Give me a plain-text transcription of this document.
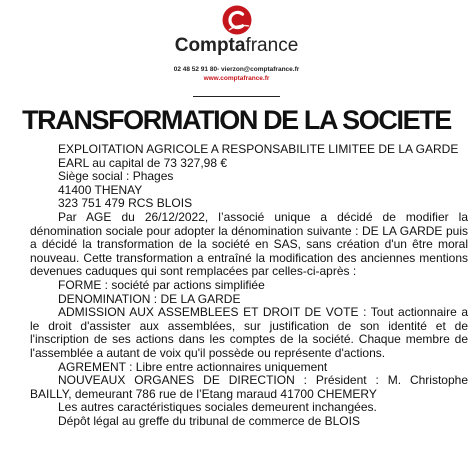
Comptafrance
02 48 52 91 80- vierzon@comptafrance.fr
www.comptafrance.fr
TRANSFORMATION DE LA SOCIETE

EXPLOITATION AGRICOLE A RESPONSABILITE LIMITEE DE LA GARDE

EARL au capital de 73 327,98 €

Siège social : Phages

41400 THENAY

323 751 479 RCS BLOIS

Par AGE du 26/12/2022, l’associé unique a décidé de modifier la dénomination sociale pour adopter la dénomination suivante : DE LA GARDE puis a décidé la transformation de la société en SAS, sans création d'un être moral nouveau. Cette transformation a entraîné la modification des anciennes mentions devenues caduques qui sont remplacées par celles-ci-après :

FORME : société par actions simplifiée

DENOMINATION : DE LA GARDE

ADMISSION AUX ASSEMBLEES ET DROIT DE VOTE : Tout actionnaire a le droit d'assister aux assemblées, sur justification de son identité et de l'inscription de ses actions dans les comptes de la société. Chaque membre de l'assemblée a autant de voix qu'il possède ou représente d'actions.

AGREMENT : Libre entre actionnaires uniquement

NOUVEAUX ORGANES DE DIRECTION : Président : M. Christophe BAILLY, demeurant 786 rue de l’Etang maraud 41700 CHEMERY

Les autres caractéristiques sociales demeurent inchangées.

Dépôt légal au greffe du tribunal de commerce de BLOIS
